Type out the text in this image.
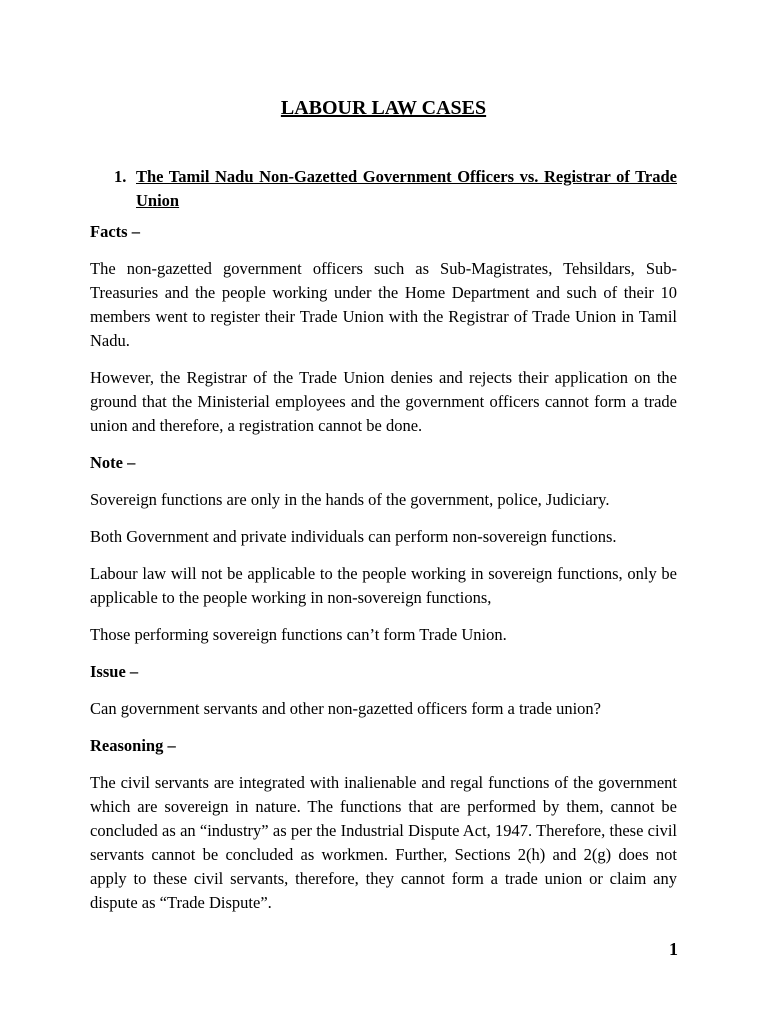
LABOUR LAW CASES
1. The Tamil Nadu Non-Gazetted Government Officers vs. Registrar of Trade Union
Facts –

The non-gazetted government officers such as Sub-Magistrates, Tehsildars, Sub-Treasuries and the people working under the Home Department and such of their 10 members went to register their Trade Union with the Registrar of Trade Union in Tamil Nadu.

However, the Registrar of the Trade Union denies and rejects their application on the ground that the Ministerial employees and the government officers cannot form a trade union and therefore, a registration cannot be done.

Note –

Sovereign functions are only in the hands of the government, police, Judiciary.

Both Government and private individuals can perform non-sovereign functions.

Labour law will not be applicable to the people working in sovereign functions, only be applicable to the people working in non-sovereign functions,

Those performing sovereign functions can’t form Trade Union.

Issue –

Can government servants and other non-gazetted officers form a trade union?

Reasoning –

The civil servants are integrated with inalienable and regal functions of the government which are sovereign in nature. The functions that are performed by them, cannot be concluded as an “industry” as per the Industrial Dispute Act, 1947. Therefore, these civil servants cannot be concluded as workmen. Further, Sections 2(h) and 2(g) does not apply to these civil servants, therefore, they cannot form a trade union or claim any dispute as “Trade Dispute”.

1
